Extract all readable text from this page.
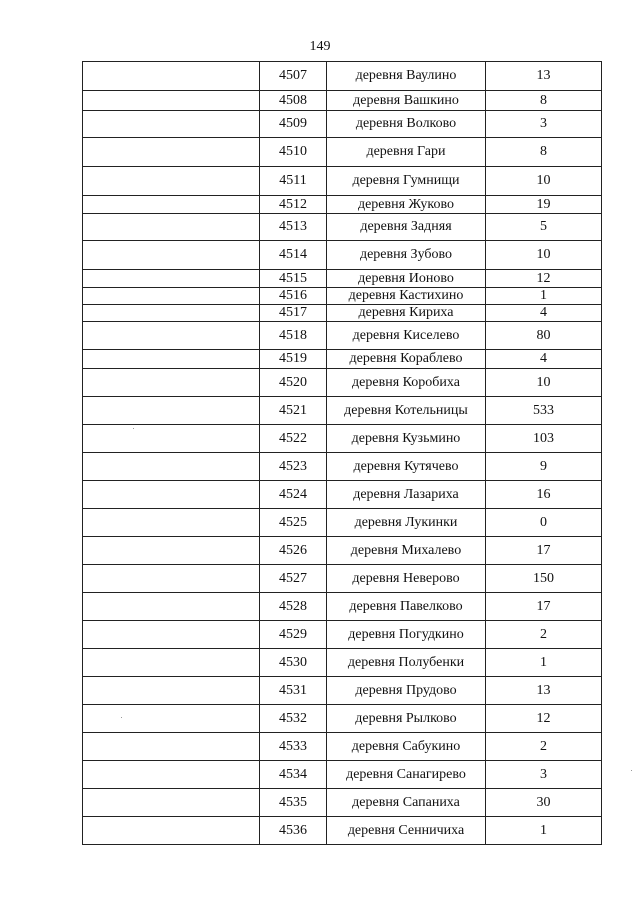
149
	4507	деревня Ваулино	13
	4508	деревня Вашкино	8
	4509	деревня Волково	3
	4510	деревня Гари	8
	4511	деревня Гумнищи	10
	4512	деревня Жуково	19
	4513	деревня Задняя	5
	4514	деревня Зубово	10
	4515	деревня Ионово	12
	4516	деревня Кастихино	1
	4517	деревня Кириха	4
	4518	деревня Киселево	80
	4519	деревня Кораблево	4
	4520	деревня Коробиха	10
	4521	деревня Котельницы	533
	4522	деревня Кузьмино	103
	4523	деревня Кутячево	9
	4524	деревня Лазариха	16
	4525	деревня Лукинки	0
	4526	деревня Михалево	17
	4527	деревня Неверово	150
	4528	деревня Павелково	17
	4529	деревня Погудкино	2
	4530	деревня Полубенки	1
	4531	деревня Прудово	13
	4532	деревня Рылково	12
	4533	деревня Сабукино	2
	4534	деревня Санагирево	3
	4535	деревня Сапаниха	30
	4536	деревня Сенничиха	1
